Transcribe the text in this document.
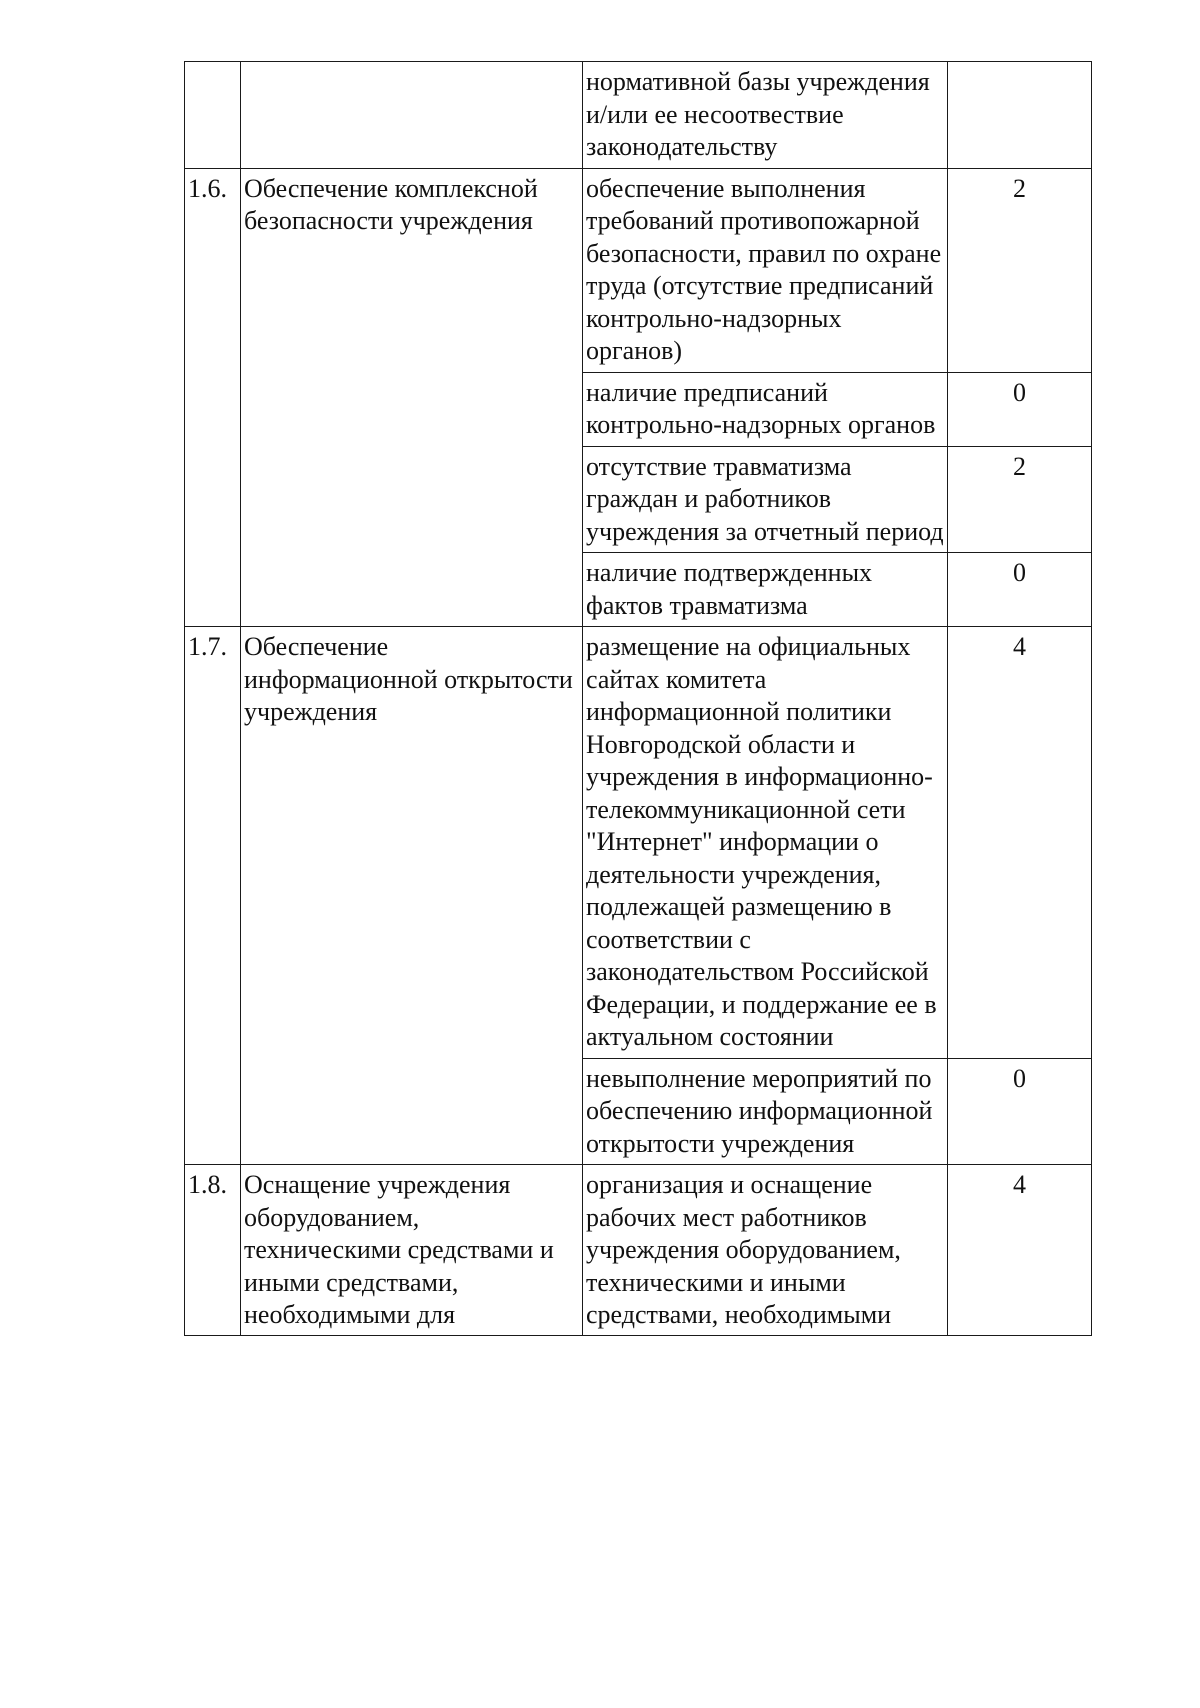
		нормативной базы учреждения и/или ее несоотвествие законодательству	
1.6.	Обеспечение комплексной безопасности учреждения	обеспечение выполнения требований противопожарной безопасности, правил по охране труда (отсутствие предписаний контрольно-надзорных органов)	2
		наличие предписаний контрольно-надзорных органов	0
		отсутствие травматизма граждан и работников учреждения за отчетный период	2
		наличие подтвержденных фактов травматизма	0
1.7.	Обеспечение информационной открытости учреждения	размещение на официальных сайтах комитета информационной политики Новгородской области и учреждения в информационно-телекоммуникационной сети "Интернет" информации о деятельности учреждения, подлежащей размещению в соответствии с законодательством Российской Федерации, и поддержание ее в актуальном состоянии	4
		невыполнение мероприятий по обеспечению информационной открытости учреждения	0
1.8.	Оснащение учреждения оборудованием, техническими средствами и иными средствами, необходимыми для	организация и оснащение рабочих мест работников учреждения оборудованием, техническими и иными средствами, необходимыми	4
